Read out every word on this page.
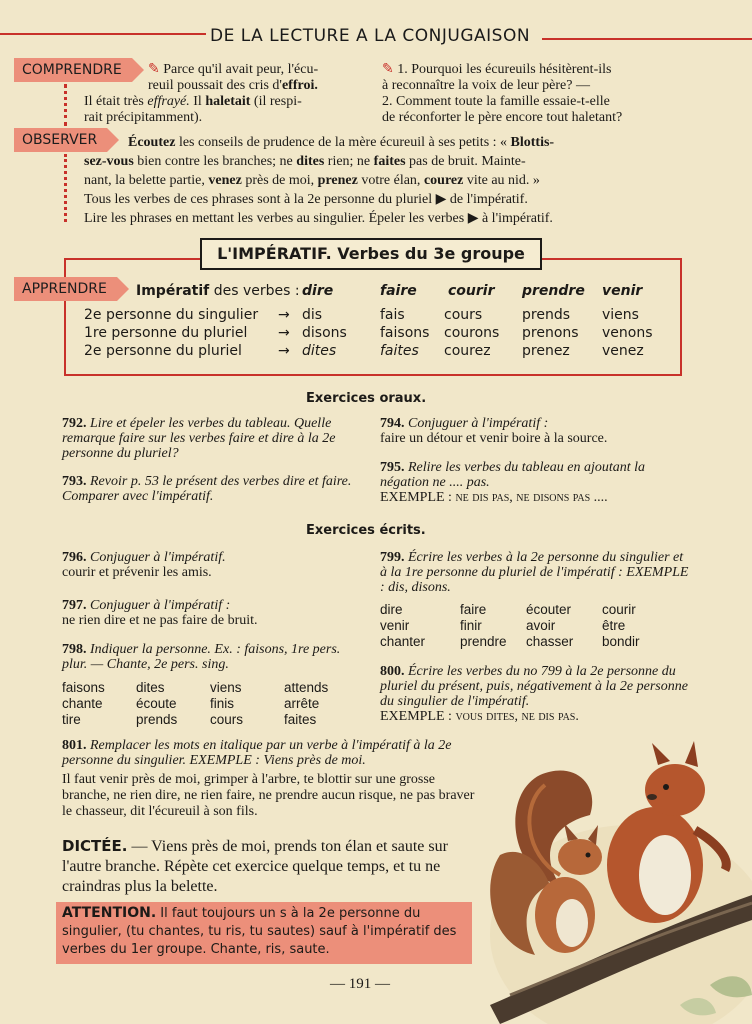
DE LA LECTURE A LA CONJUGAISON
COMPRENDRE	✎ Parce qu'il avait peur, l'écu-
reuil poussait des cris d'effroi.
Il était très effrayé. Il haletait (il respi-
rait précipitamment).
✎ 1. Pourquoi les écureuils hésitèrent-ils
à reconnaître la voix de leur père? —
2. Comment toute la famille essaie-t-elle
de réconforter le père encore tout haletant?
OBSERVER	Écoutez les conseils de prudence de la mère écureuil à ses petits : « Blottis-
sez-vous bien contre les branches; ne dites rien; ne faites pas de bruit. Mainte-
nant, la belette partie, venez près de moi, prenez votre élan, courez vite au nid. »
Tous les verbes de ces phrases sont à la 2e personne du pluriel ▶ de l'impératif.
Lire les phrases en mettant les verbes au singulier. Épeler les verbes ▶ à l'impératif.
L'IMPÉRATIF. Verbes du 3e groupe
APPRENDRE	Impératif des verbes : dire	faire courir prendre venir
2e personne du singulier → dis	fais	cours	prends viens
1re personne du pluriel → disons faisons courons prenons venons
2e personne du pluriel	→ dites	faites courez prenez venez
Exercices oraux.
792. Lire et épeler les verbes du tableau. Quelle remarque faire sur les verbes faire et dire à la 2e personne du pluriel?
793. Revoir p. 53 le présent des verbes dire et faire. Comparer avec l'impératif.
794. Conjuguer à l'impératif :
faire un détour et venir boire à la source.
795. Relire les verbes du tableau en ajoutant la négation ne .... pas.
EXEMPLE : ne dis pas, ne disons pas ....
Exercices écrits.
796. Conjuguer à l'impératif.
courir et prévenir les amis.
797. Conjuguer à l'impératif :
ne rien dire et ne pas faire de bruit.
798. Indiquer la personne. Ex. : faisons, 1re pers. plur. — Chante, 2e pers. sing.
faisons dites	viens	attends
chante écoute finis	arrête
tire	prends cours	faites
799. Écrire les verbes à la 2e personne du singulier et à la 1re personne du pluriel de l'impératif : EXEMPLE : dis, disons.
dire	faire	écouter courir
venir	finir	avoir	être
chanter	prendre chasser bondir
800. Écrire les verbes du no 799 à la 2e personne du pluriel du présent, puis, négativement à la 2e personne du singulier de l'impératif.
EXEMPLE : vous dites, ne dis pas.
801. Remplacer les mots en italique par un verbe à l'impératif à la 2e personne du singulier. EXEMPLE : Viens près de moi.
Il faut venir près de moi, grimper à l'arbre, te blottir sur une grosse branche, ne rien dire, ne rien faire, ne prendre aucun risque, ne pas braver le chasseur, dit l'écureuil à son fils.
DICTÉE. — Viens près de moi, prends ton élan et saute sur l'autre branche. Répète cet exercice quelque temps, et tu ne craindras plus la belette.
ATTENTION. Il faut toujours un s à la 2e personne du singulier, (tu chantes, tu ris, tu sautes) sauf à l'impératif des verbes du 1er groupe. Chante, ris, saute.
— 191 —
